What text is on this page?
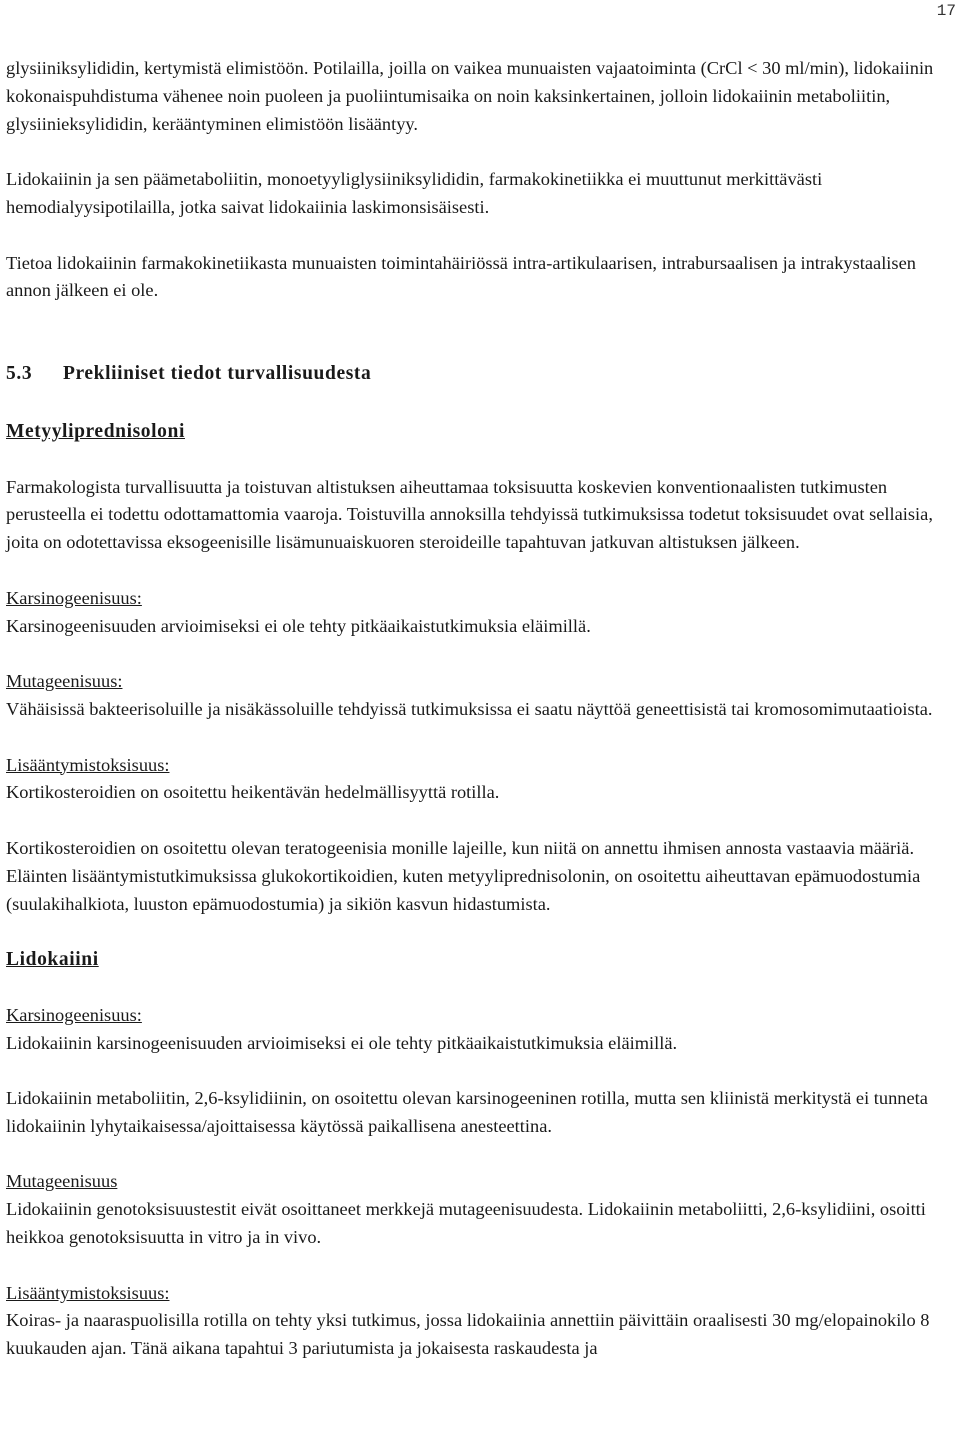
17

glysiiniksylididin, kertymistä elimistöön. Potilailla, joilla on vaikea munuaisten vajaatoiminta (CrCl < 30 ml/min), lidokaiinin kokonaispuhdistuma vähenee noin puoleen ja puoliintumisaika on noin kaksinkertainen, jolloin lidokaiinin metaboliitin, glysiinieksylididin, kerääntyminen elimistöön lisääntyy.

Lidokaiinin ja sen päämetaboliitin, monoetyyliglysiiniksylididin, farmakokinetiikka ei muuttunut merkittävästi hemodialyysipotilailla, jotka saivat lidokaiinia laskimonsisäisesti.

Tietoa lidokaiinin farmakokinetiikasta munuaisten toimintahäiriössä intra-artikulaarisen, intrabursaalisen ja intrakystaalisen annon jälkeen ei ole.

5.3 Prekliiniset tiedot turvallisuudesta
Metyyliprednisoloni

Farmakologista turvallisuutta ja toistuvan altistuksen aiheuttamaa toksisuutta koskevien konventionaalisten tutkimusten perusteella ei todettu odottamattomia vaaroja. Toistuvilla annoksilla tehdyissä tutkimuksissa todetut toksisuudet ovat sellaisia, joita on odotettavissa eksogeenisille lisämunuaiskuoren steroideille tapahtuvan jatkuvan altistuksen jälkeen.

Karsinogeenisuus:

Karsinogeenisuuden arvioimiseksi ei ole tehty pitkäaikaistutkimuksia eläimillä.

Mutageenisuus:

Vähäisissä bakteerisoluille ja nisäkässoluille tehdyissä tutkimuksissa ei saatu näyttöä geneettisistä tai kromosomimutaatioista.

Lisääntymistoksisuus:

Kortikosteroidien on osoitettu heikentävän hedelmällisyyttä rotilla.

Kortikosteroidien on osoitettu olevan teratogeenisia monille lajeille, kun niitä on annettu ihmisen annosta vastaavia määriä. Eläinten lisääntymistutkimuksissa glukokortikoidien, kuten metyyliprednisolonin, on osoitettu aiheuttavan epämuodostumia (suulakihalkiota, luuston epämuodostumia) ja sikiön kasvun hidastumista.

Lidokaiini

Karsinogeenisuus:

Lidokaiinin karsinogeenisuuden arvioimiseksi ei ole tehty pitkäaikaistutkimuksia eläimillä.

Lidokaiinin metaboliitin, 2,6-ksylidiinin, on osoitettu olevan karsinogeeninen rotilla, mutta sen kliinistä merkitystä ei tunneta lidokaiinin lyhytaikaisessa/ajoittaisessa käytössä paikallisena anesteettina.

Mutageenisuus

Lidokaiinin genotoksisuustestit eivät osoittaneet merkkejä mutageenisuudesta. Lidokaiinin metaboliitti, 2,6-ksylidiini, osoitti heikkoa genotoksisuutta in vitro ja in vivo.

Lisääntymistoksisuus:

Koiras- ja naaraspuolisilla rotilla on tehty yksi tutkimus, jossa lidokaiinia annettiin päivittäin oraalisesti 30 mg/elopainokilo 8 kuukauden ajan. Tänä aikana tapahtui 3 pariutumista ja jokaisesta raskaudesta ja
